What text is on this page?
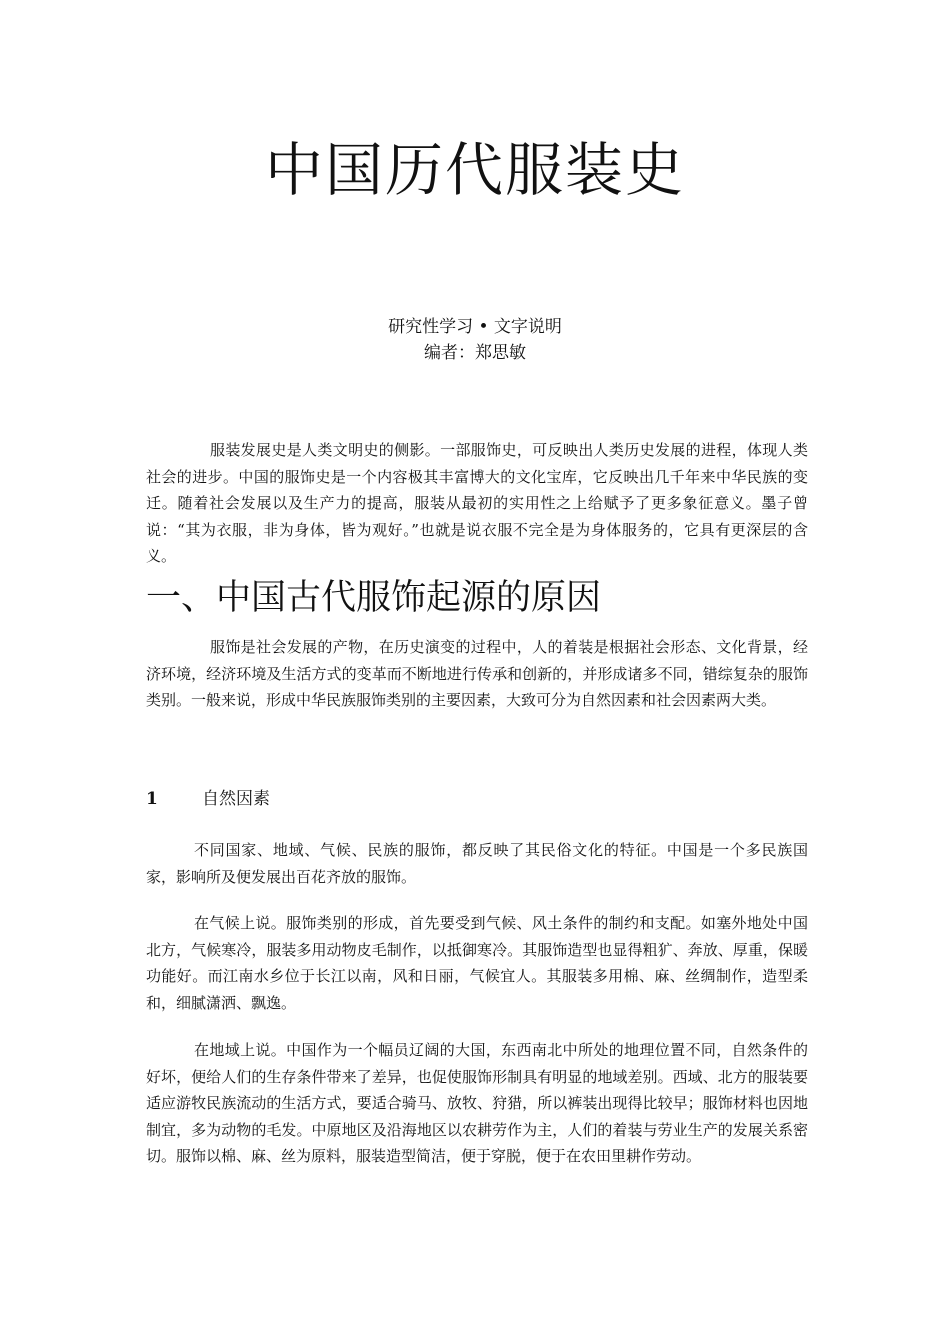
中国历代服装史
研究性学习 • 文字说明
编者：郑思敏

服装发展史是人类文明史的侧影。一部服饰史，可反映出人类历史发展的进程，体现人类社会的进步。中国的服饰史是一个内容极其丰富博大的文化宝库，它反映出几千年来中华民族的变迁。随着社会发展以及生产力的提高，服装从最初的实用性之上给赋予了更多象征意义。墨子曾说：“其为衣服，非为身体，皆为观好。”也就是说衣服不完全是为身体服务的，它具有更深层的含义。

一、中国古代服饰起源的原因

服饰是社会发展的产物，在历史演变的过程中，人的着装是根据社会形态、文化背景，经济环境，经济环境及生活方式的变革而不断地进行传承和创新的，并形成诸多不同，错综复杂的服饰类别。一般来说，形成中华民族服饰类别的主要因素，大致可分为自然因素和社会因素两大类。

1	自然因素

不同国家、地域、气候、民族的服饰，都反映了其民俗文化的特征。中国是一个多民族国家，影响所及便发展出百花齐放的服饰。

在气候上说。服饰类别的形成，首先要受到气候、风土条件的制约和支配。如塞外地处中国北方，气候寒冷，服装多用动物皮毛制作，以抵御寒冷。其服饰造型也显得粗犷、奔放、厚重，保暖功能好。而江南水乡位于长江以南，风和日丽，气候宜人。其服装多用棉、麻、丝绸制作，造型柔和，细腻潇洒、飘逸。

在地域上说。中国作为一个幅员辽阔的大国，东西南北中所处的地理位置不同，自然条件的好坏，便给人们的生存条件带来了差异，也促使服饰形制具有明显的地域差别。西域、北方的服装要适应游牧民族流动的生活方式，要适合骑马、放牧、狩猎，所以裤装出现得比较早；服饰材料也因地制宜，多为动物的毛发。中原地区及沿海地区以农耕劳作为主，人们的着装与劳业生产的发展关系密切。服饰以棉、麻、丝为原料，服装造型简洁，便于穿脱，便于在农田里耕作劳动。
